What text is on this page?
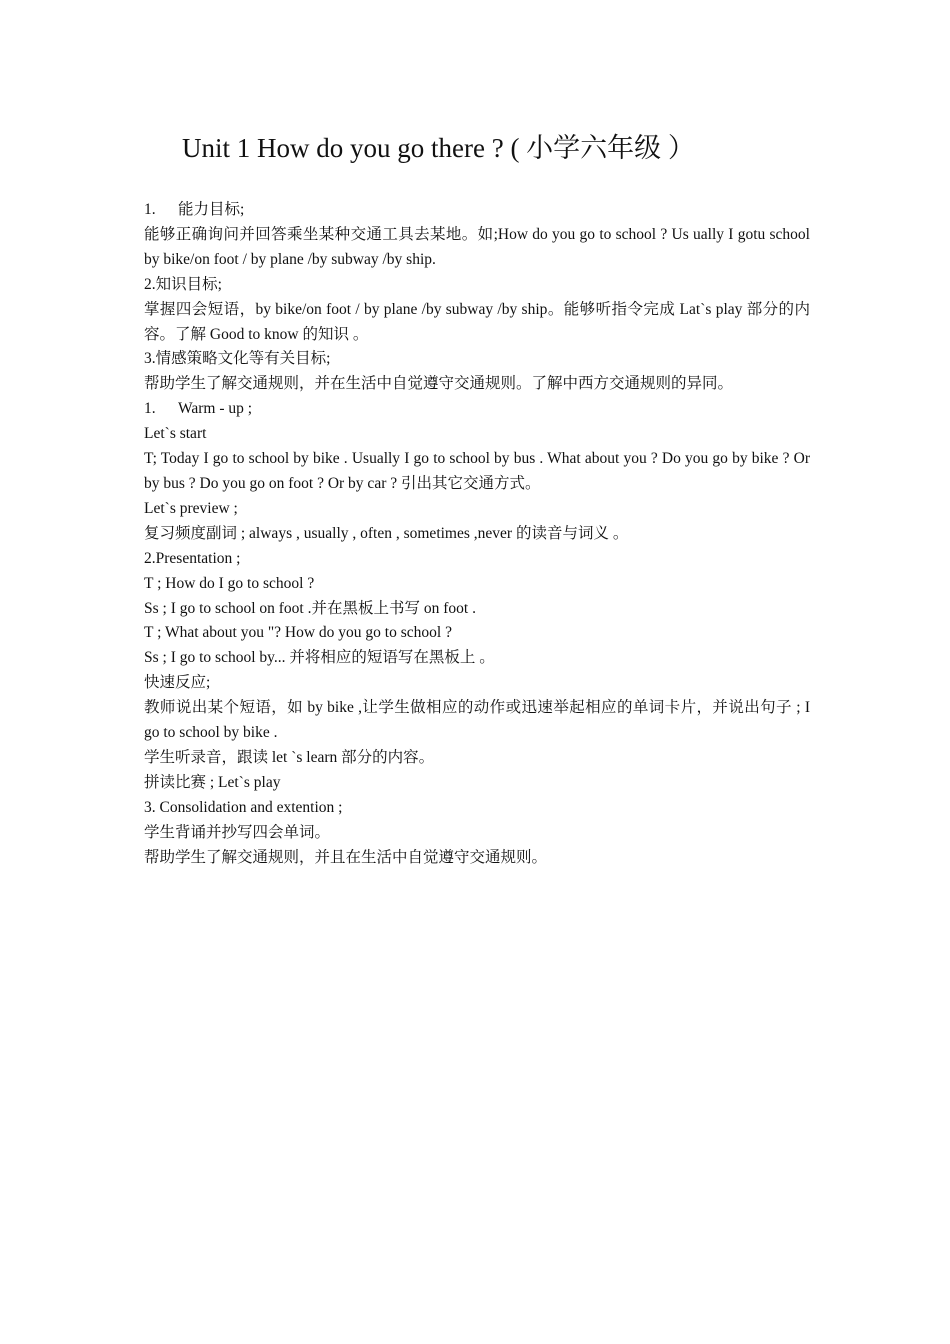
Unit 1 How do you go there ? ( 小学六年级 ）

1. 能力目标;

能够正确询问并回答乘坐某种交通工具去某地。如;How do you go to school ? Us ually I gotu school by bike/on foot / by plane /by subway /by ship.

2.知识目标;

掌握四会短语，by bike/on foot / by plane /by subway /by ship。能够听指令完成 Lat`s play 部分的内容。了解 Good to know 的知识 。

3.情感策略文化等有关目标;

帮助学生了解交通规则，并在生活中自觉遵守交通规则。了解中西方交通规则的异同。

1. Warm - up ;

Let`s start

T; Today I go to school by bike . Usually I go to school by bus . What about you ? Do you go by bike ? Or by bus ? Do you go on foot ? Or by car ? 引出其它交通方式。

Let`s preview ;

复习频度副词 ; always , usually , often , sometimes ,never 的读音与词义 。

2.Presentation ;

T ; How do I go to school ?

Ss ; I go to school on foot .并在黑板上书写 on foot .

T ; What about you "? How do you go to school ?

Ss ; I go to school by... 并将相应的短语写在黑板上 。

快速反应;

教师说出某个短语，如 by bike ,让学生做相应的动作或迅速举起相应的单词卡片，并说出句子 ; I go to school by bike .

学生听录音，跟读 let `s learn 部分的内容。

拼读比赛 ; Let`s play

3. Consolidation and extention ;

学生背诵并抄写四会单词。

帮助学生了解交通规则，并且在生活中自觉遵守交通规则。
